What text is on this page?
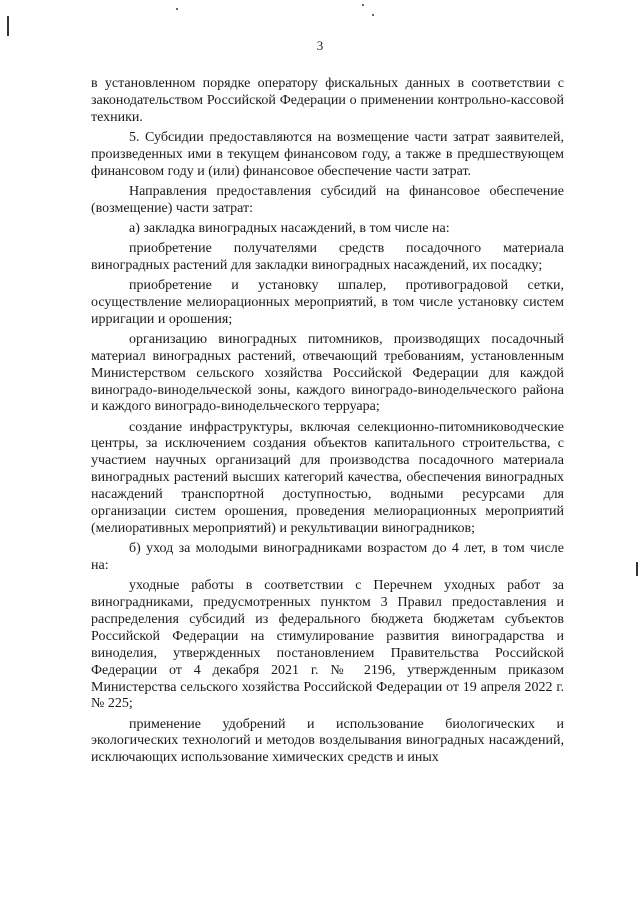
3

в установленном порядке оператору фискальных данных в соответствии с законодательством Российской Федерации о применении контрольно-кассовой техники.

5. Субсидии предоставляются на возмещение части затрат заявителей, произведенных ими в текущем финансовом году, а также в предшествующем финансовом году и (или) финансовое обеспечение части затрат.

Направления предоставления субсидий на финансовое обеспечение (возмещение) части затрат:

а) закладка виноградных насаждений, в том числе на:

приобретение получателями средств посадочного материала виноградных растений для закладки виноградных насаждений, их посадку;

приобретение и установку шпалер, противоградовой сетки, осуществление мелиорационных мероприятий, в том числе установку систем ирригации и орошения;

организацию виноградных питомников, производящих посадочный материал виноградных растений, отвечающий требованиям, установленным Министерством сельского хозяйства Российской Федерации для каждой виноградо-винодельческой зоны, каждого виноградо-винодельческого района и каждого виноградо-винодельческого терруара;

создание инфраструктуры, включая селекционно-питомниководческие центры, за исключением создания объектов капитального строительства, с участием научных организаций для производства посадочного материала виноградных растений высших категорий качества, обеспечения виноградных насаждений транспортной доступностью, водными ресурсами для организации систем орошения, проведения мелиорационных мероприятий (мелиоративных мероприятий) и рекультивации виноградников;

б) уход за молодыми виноградниками возрастом до 4 лет, в том числе на:

уходные работы в соответствии с Перечнем уходных работ за виноградниками, предусмотренных пунктом 3 Правил предоставления и распределения субсидий из федерального бюджета бюджетам субъектов Российской Федерации на стимулирование развития виноградарства и виноделия, утвержденных постановлением Правительства Российской Федерации от 4 декабря 2021 г. № 2196, утвержденным приказом Министерства сельского хозяйства Российской Федерации от 19 апреля 2022 г. № 225;

применение удобрений и использование биологических и экологических технологий и методов возделывания виноградных насаждений, исключающих использование химических средств и иных
